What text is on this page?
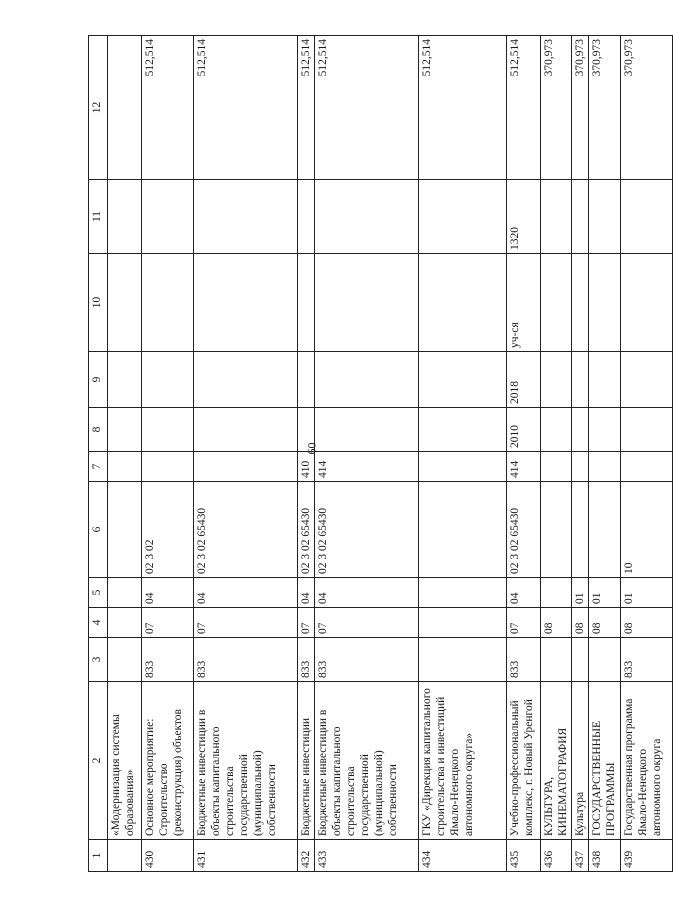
60
1	2	3	4	5	6	7	8	9	10	11	12
	«Модернизация системы образования»										
430	Основное мероприятие: Строительство (реконструкция) объектов	833	07	04	02 3 02						512,514
431	Бюджетные инвестиции в объекты капитального строительства государственной (муниципальной) собственности	833	07	04	02 3 02 65430						512,514
432	Бюджетные инвестиции	833	07	04	02 3 02 65430	410					512,514
433	Бюджетные инвестиции в объекты капитального строительства государственной (муниципальной) собственности	833	07	04	02 3 02 65430	414					512,514
434	ГКУ «Дирекция капитального строительства и инвестиций Ямало-Ненецкого автономного округа»										512,514
435	Учебно-профессиональный комплекс, г. Новый Уренгой	833	07	04	02 3 02 65430	414	2010	2018	уч-ся	1320	512,514
436	КУЛЬТУРА, КИНЕМАТОГРАФИЯ		08								370,973
437	Культура		08	01							370,973
438	ГОСУДАРСТВЕННЫЕ ПРОГРАММЫ		08	01							370,973
439	Государственная программа Ямало-Ненецкого автономного округа	833	08	01	10						370,973
